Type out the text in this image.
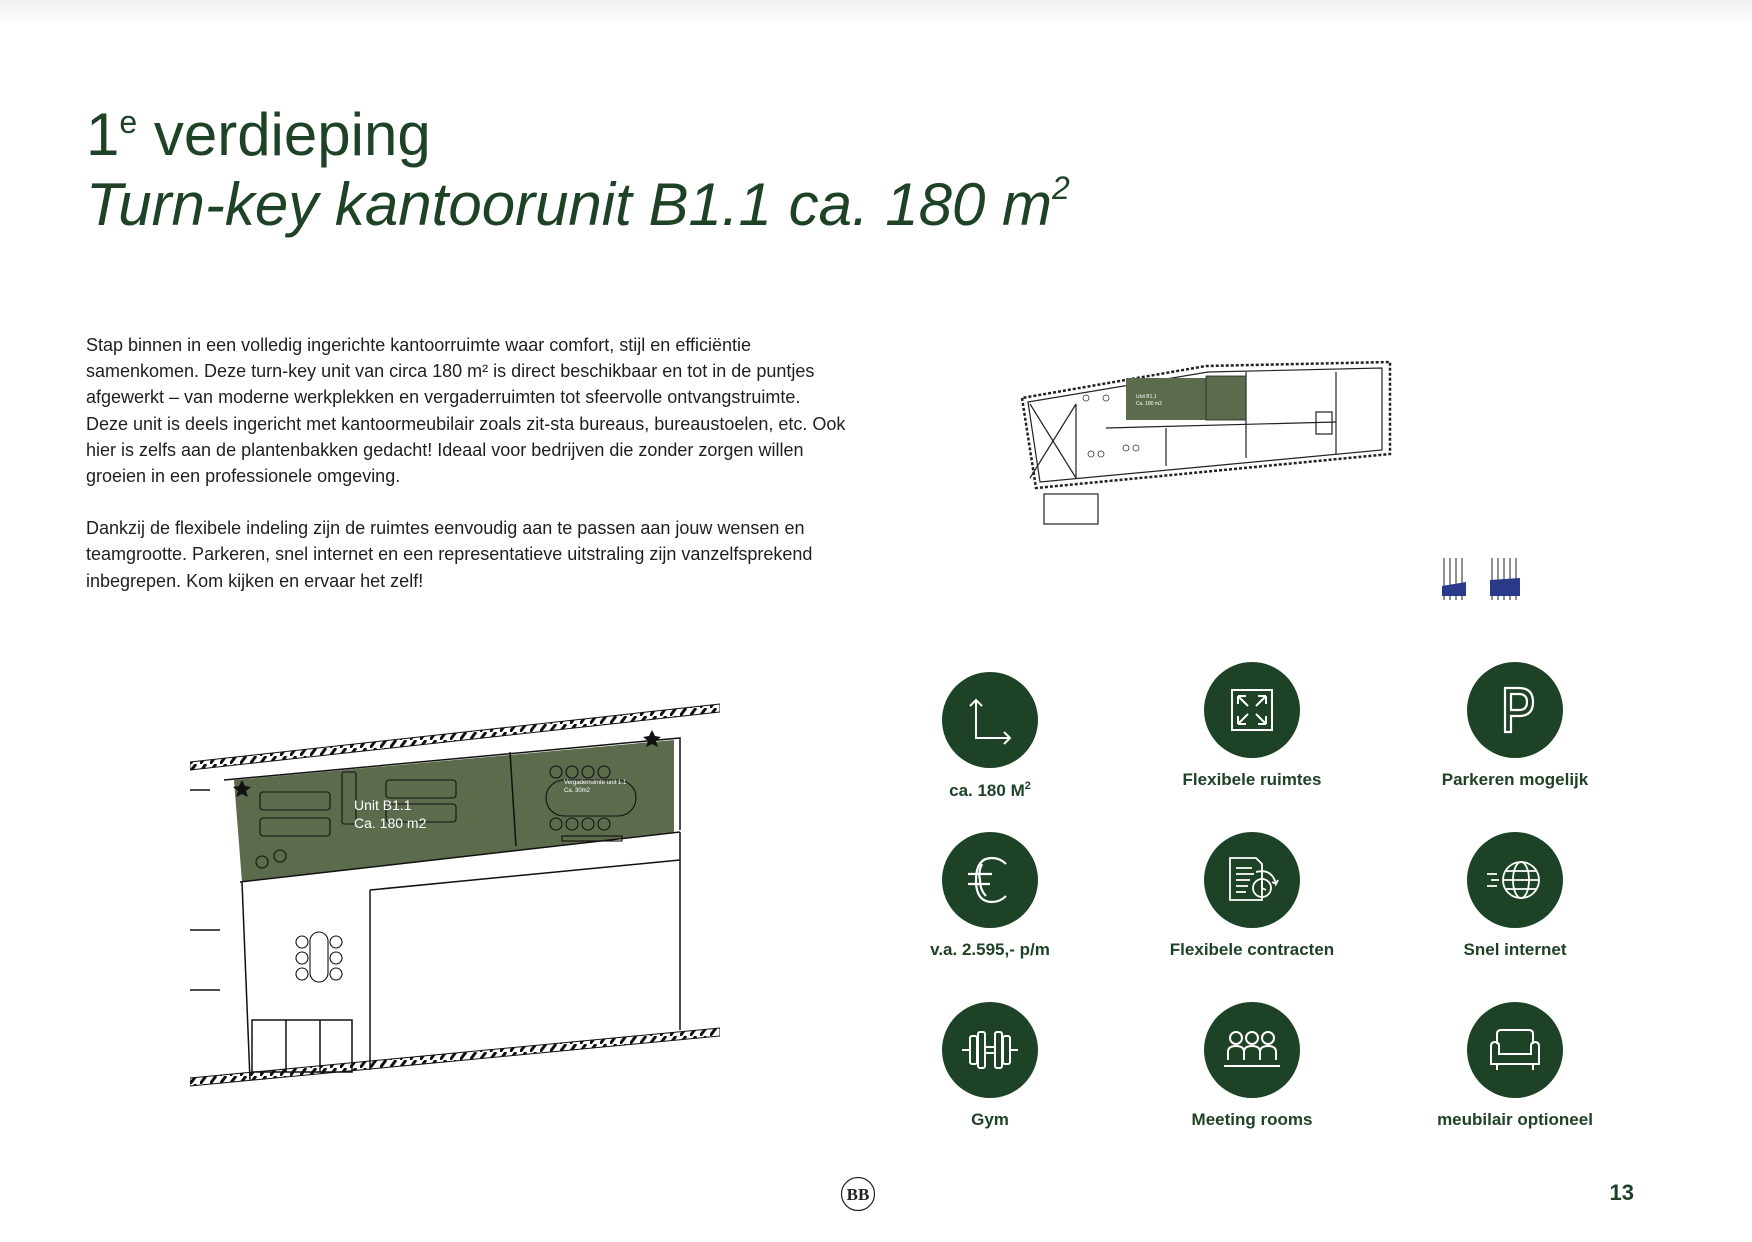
1e verdieping
Turn-key kantoorunit B1.1 ca. 180 $m^2$

Stap binnen in een volledig ingerichte kantoorruimte waar comfort, stijl en efficiëntie samenkomen. Deze turn-key unit van circa 180 m² is direct beschikbaar en tot in de puntjes afgewerkt – van moderne werkplekken en vergaderruimten tot sfeervolle ontvangstruimte. Deze unit is deels ingericht met kantoormeubilair zoals zit-sta bureaus, bureaustoelen, etc. Ook hier is zelfs aan de plantenbakken gedacht! Ideaal voor bedrijven die zonder zorgen willen groeien in een professionele omgeving.

Dankzij de flexibele indeling zijn de ruimtes eenvoudig aan te passen aan jouw wensen en teamgrootte. Parkeren, snel internet en een representatieve uitstraling zijn vanzelfsprekend inbegrepen. Kom kijken en ervaar het zelf!

Unit B1.1
Ca. 180 m2
Unit B1.1
Ca. 180 m2
Vergaderruimte unit 1.1
Ca. 30m2	ca. 180 $M^2$	Flexibele ruimtes	Parkeren mogelijk
v.a. 2.595,- p/m	Flexibele contracten	Snel internet
Gym	Meeting rooms	meubilair optioneel
BB	13
